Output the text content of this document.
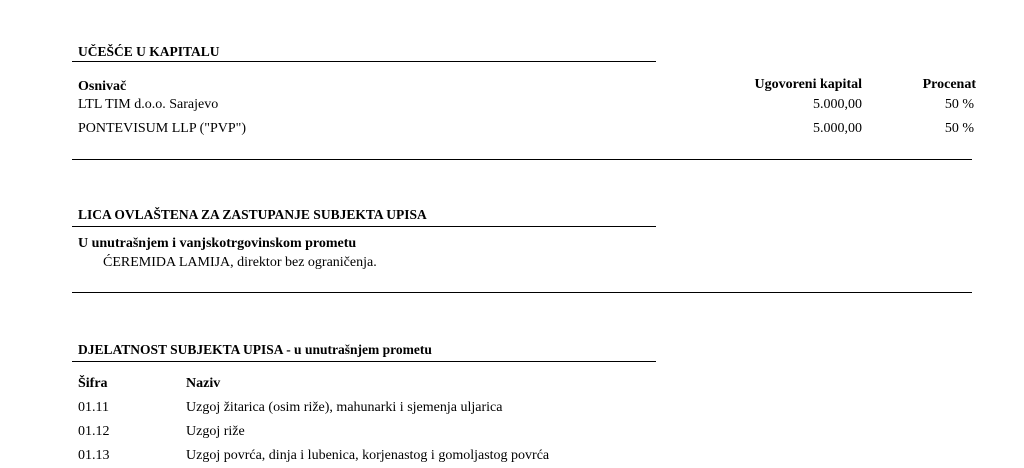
UČEŠĆE U KAPITALU
Osnivač	Ugovoreni kapital	Procenat
LTL TIM d.o.o. Sarajevo	5.000,00	50 %
PONTEVISUM LLP ("PVP")	5.000,00	50 %
LICA OVLAŠTENA ZA ZASTUPANJE SUBJEKTA UPISA
U unutrašnjem i vanjskotrgovinskom prometu
ĆEREMIDA LAMIJA, direktor bez ograničenja.
DJELATNOST SUBJEKTA UPISA - u unutrašnjem prometu
Šifra	Naziv
01.11	Uzgoj žitarica (osim riže), mahunarki i sjemenja uljarica
01.12	Uzgoj riže
01.13	Uzgoj povrća, dinja i lubenica, korjenastog i gomoljastog povrća
